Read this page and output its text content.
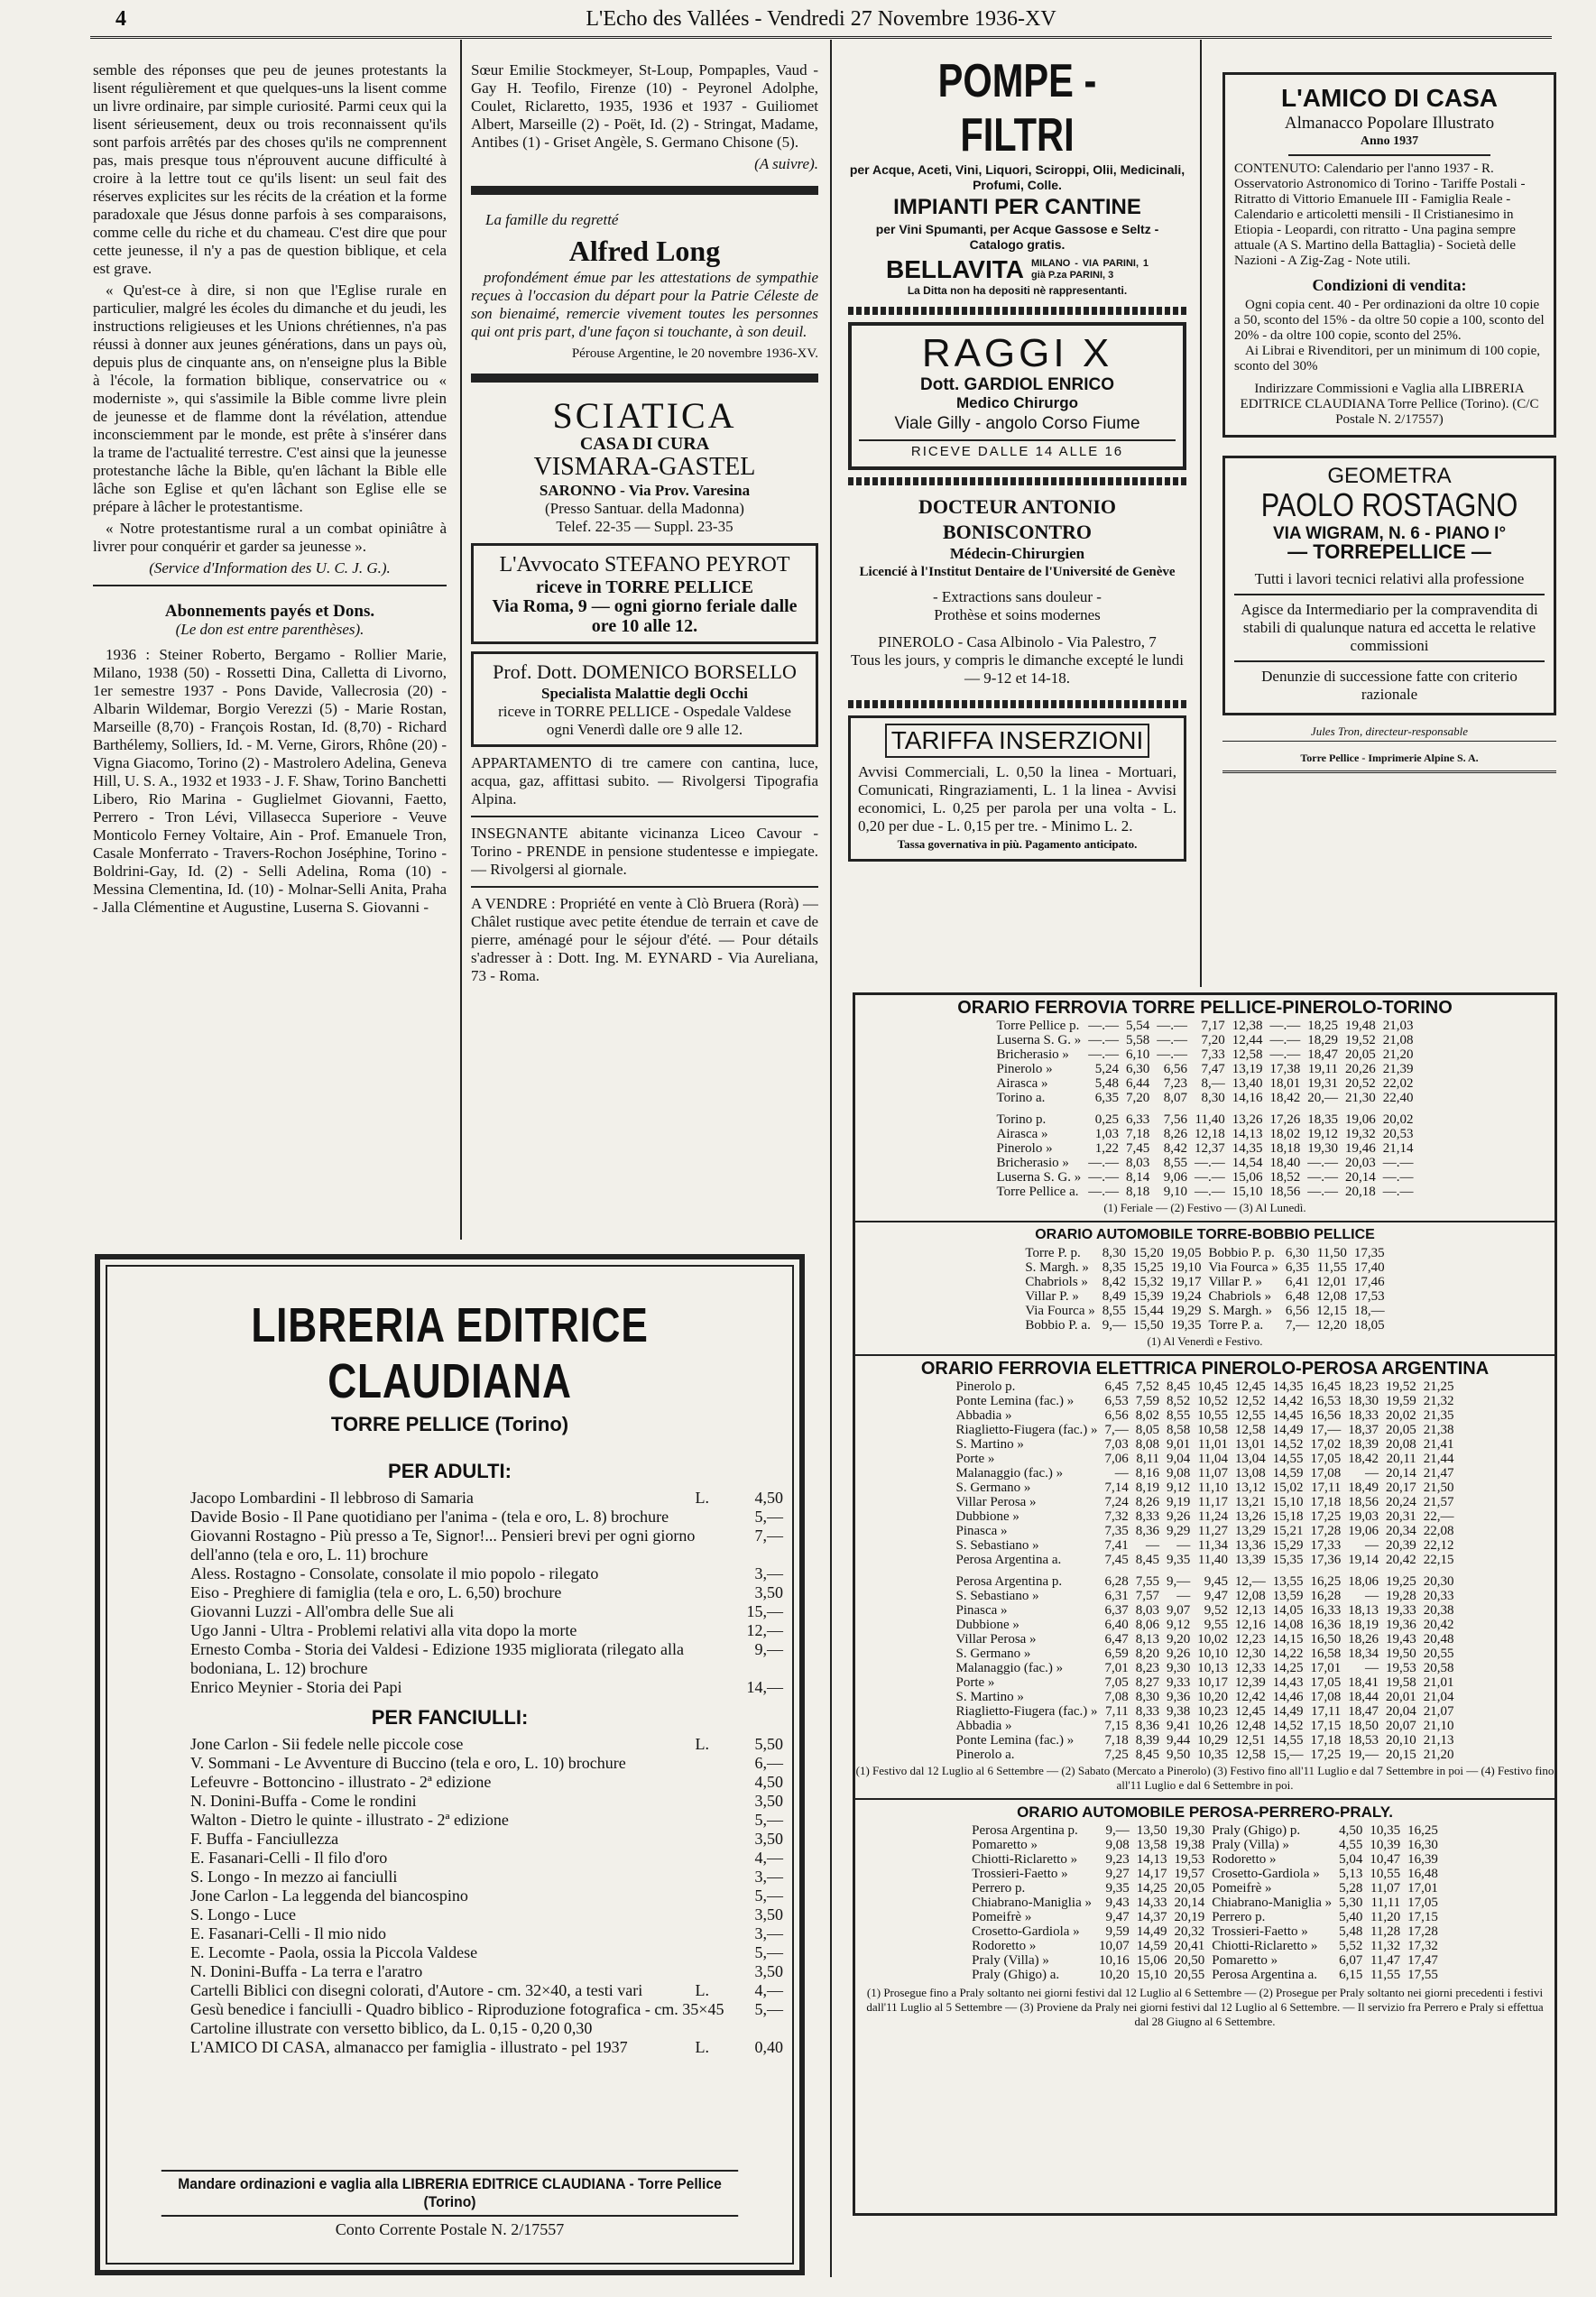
4	L'Echo des Vallées - Vendredi 27 Novembre 1936-XV

semble des réponses que peu de jeunes protestants la lisent régulièrement et que quelques-uns la lisent comme un livre ordinaire, par simple curiosité. Parmi ceux qui la lisent sérieusement, deux ou trois reconnaissent qu'ils sont parfois arrêtés par des choses qu'ils ne comprennent pas, mais presque tous n'éprouvent aucune difficulté à croire à la lettre tout ce qu'ils lisent: un seul fait des réserves explicites sur les récits de la création et la forme paradoxale que Jésus donne parfois à ses comparaisons, comme celle du riche et du chameau. C'est dire que pour cette jeunesse, il n'y a pas de question biblique, et cela est grave.

« Qu'est-ce à dire, si non que l'Eglise rurale en particulier, malgré les écoles du dimanche et du jeudi, les instructions religieuses et les Unions chrétiennes, n'a pas réussi à donner aux jeunes générations, dans un pays où, depuis plus de cinquante ans, on n'enseigne plus la Bible à l'école, la formation biblique, conservatrice ou « moderniste », qui s'assimile la Bible comme livre plein de jeunesse et de flamme dont la révélation, attendue inconsciemment par le monde, est prête à s'insérer dans la trame de l'actualité terrestre. C'est ainsi que la jeunesse protestanche lâche la Bible, qu'en lâchant la Bible elle lâche son Eglise et qu'en lâchant son Eglise elle se prépare à lâcher le protestantisme.

« Notre protestantisme rural a un combat opiniâtre à livrer pour conquérir et garder sa jeunesse ».

(Service d'Information des U. C. J. G.).

Abonnements payés et Dons.
(Le don est entre parenthèses).

1936 : Steiner Roberto, Bergamo - Rollier Marie, Milano, 1938 (50) - Rossetti Dina, Calletta di Livorno, 1er semestre 1937 - Pons Davide, Vallecrosia (20) - Albarin Wildemar, Borgio Verezzi (5) - Marie Rostan, Marseille (8,70) - François Rostan, Id. (8,70) - Richard Barthélemy, Solliers, Id. - M. Verne, Girors, Rhône (20) - Vigna Giacomo, Torino (2) - Mastrolero Adelina, Geneva Hill, U. S. A., 1932 et 1933 - J. F. Shaw, Torino Banchetti Libero, Rio Marina - Guglielmet Giovanni, Faetto, Perrero - Tron Lévi, Villasecca Superiore - Veuve Monticolo Ferney Voltaire, Ain - Prof. Emanuele Tron, Casale Monferrato - Travers-Rochon Joséphine, Torino - Boldrini-Gay, Id. (2) - Selli Adelina, Roma (10) - Messina Clementina, Id. (10) - Molnar-Selli Anita, Praha - Jalla Clémentine et Augustine, Luserna S. Giovanni -

Sœur Emilie Stockmeyer, St-Loup, Pompaples, Vaud - Gay H. Teofilo, Firenze (10) - Peyronel Adolphe, Coulet, Riclaretto, 1935, 1936 et 1937 - Guiliomet Albert, Marseille (2) - Poët, Id. (2) - Stringat, Madame, Antibes (1) - Griset Angèle, S. Germano Chisone (5).

(A suivre).

La famille du regretté

Alfred Long

profondément émue par les attestations de sympathie reçues à l'occasion du départ pour la Patrie Céleste de son bienaimé, remercie vivement toutes les personnes qui ont pris part, d'une façon si touchante, à son deuil.

Pérouse Argentine, le 20 novembre 1936-XV.

SCIATICA
CASA DI CURA
VISMARA-GASTEL
SARONNO - Via Prov. Varesina
(Presso Santuar. della Madonna)
Telef. 22-35 — Suppl. 23-35
L'Avvocato STEFANO PEYROT
riceve in TORRE PELLICE
Via Roma, 9 — ogni giorno feriale dalle ore 10 alle 12.
Prof. Dott. DOMENICO BORSELLO
Specialista Malattie degli Occhi
riceve in TORRE PELLICE - Ospedale Valdese
ogni Venerdì dalle ore 9 alle 12.

APPARTAMENTO di tre camere con cantina, luce, acqua, gaz, affittasi subito. — Rivolgersi Tipografia Alpina.

INSEGNANTE abitante vicinanza Liceo Cavour - Torino - PRENDE in pensione studentesse e impiegate. — Rivolgersi al giornale.

A VENDRE : Propriété en vente à Clò Bruera (Rorà) — Châlet rustique avec petite étendue de terrain et cave de pierre, aménagé pour le séjour d'été. — Pour détails s'adresser à : Dott. Ing. M. EYNARD - Via Aureliana, 73 - Roma.

POMPE - FILTRI
per Acque, Aceti, Vini, Liquori, Sciroppi, Olii, Medicinali, Profumi, Colle.
IMPIANTI PER CANTINE
per Vini Spumanti, per Acque Gassose e Seltz - Catalogo gratis.
BELLAVITA MILANO - VIA PARINI, 1 già P.za PARINI, 3
La Ditta non ha depositi nè rappresentanti.
RAGGI X
Dott. GARDIOL ENRICO
Medico Chirurgo
Viale Gilly - angolo Corso Fiume
RICEVE DALLE 14 ALLE 16
DOCTEUR ANTONIO BONISCONTRO
Médecin-Chirurgien
Licencié à l'Institut Dentaire de l'Université de Genève
- Extractions sans douleur -
Prothèse et soins modernes
PINEROLO - Casa Albinolo - Via Palestro, 7
Tous les jours, y compris le dimanche excepté le lundi — 9-12 et 14-18.
TARIFFA INSERZIONI
Avvisi Commerciali, L. 0,50 la linea - Mortuari, Comunicati, Ringraziamenti, L. 1 la linea - Avvisi economici, L. 0,25 per parola per una volta - L. 0,20 per due - L. 0,15 per tre. - Minimo L. 2.
Tassa governativa in più. Pagamento anticipato.
L'AMICO DI CASA
Almanacco Popolare Illustrato
Anno 1937
CONTENUTO: Calendario per l'anno 1937 - R. Osservatorio Astronomico di Torino - Tariffe Postali - Ritratto di Vittorio Emanuele III - Famiglia Reale - Calendario e articoletti mensili - Il Cristianesimo in Etiopia - Leopardi, con ritratto - Una pagina sempre attuale (A S. Martino della Battaglia) - Società delle Nazioni - A Zig-Zag - Note utili.
Condizioni di vendita:
Ogni copia cent. 40 - Per ordinazioni da oltre 10 copie a 50, sconto del 15% - da oltre 50 copie a 100, sconto del 20% - da oltre 100 copie, sconto del 25%.
Ai Librai e Rivenditori, per un minimum di 100 copie, sconto del 30%
Indirizzare Commissioni e Vaglia alla LIBRERIA EDITRICE CLAUDIANA Torre Pellice (Torino). (C/C Postale N. 2/17557)
GEOMETRA
PAOLO ROSTAGNO
VIA WIGRAM, N. 6 - PIANO I°
— TORREPELLICE —
Tutti i lavori tecnici relativi alla professione
Agisce da Intermediario per la compravendita di stabili di qualunque natura ed accetta le relative commissioni
Denunzie di successione fatte con criterio razionale
Jules Tron, directeur-responsable
Torre Pellice - Imprimerie Alpine S. A.
LIBRERIA EDITRICE CLAUDIANA
TORRE PELLICE (Torino)
PER ADULTI:
Jacopo Lombardini - Il lebbroso di Samaria	L.	4,50
Davide Bosio - Il Pane quotidiano per l'anima - (tela e oro, L. 8) brochure	5,—
Giovanni Rostagno - Più presso a Te, Signor!... Pensieri brevi per ogni giorno dell'anno (tela e oro, L. 11) brochure
7,—
Aless. Rostagno - Consolate, consolate il mio popolo - rilegato	3,—
Eiso - Preghiere di famiglia (tela e oro, L. 6,50) brochure	3,50
Giovanni Luzzi - All'ombra delle Sue ali	15,—
Ugo Janni - Ultra - Problemi relativi alla vita dopo la morte	12,—
Ernesto Comba - Storia dei Valdesi - Edizione 1935 migliorata (rilegato alla bodoniana, L. 12) brochure
9,—
Enrico Meynier - Storia dei Papi	14,—
PER FANCIULLI:
Jone Carlon - Sii fedele nelle piccole cose	L.	5,50
V. Sommani - Le Avventure di Buccino (tela e oro, L. 10) brochure	6,—
Lefeuvre - Bottoncino - illustrato - 2ª edizione	4,50
N. Donini-Buffa - Come le rondini	3,50
Walton - Dietro le quinte - illustrato - 2ª edizione	5,—
F. Buffa - Fanciullezza	3,50
E. Fasanari-Celli - Il filo d'oro	4,—
S. Longo - In mezzo ai fanciulli	3,—
Jone Carlon - La leggenda del biancospino	5,—
S. Longo - Luce	3,50
E. Fasanari-Celli - Il mio nido	3,—
E. Lecomte - Paola, ossia la Piccola Valdese	5,—
N. Donini-Buffa - La terra e l'aratro	3,50
Cartelli Biblici con disegni colorati, d'Autore - cm. 32×40, a testi vari	L.	4,—
Gesù benedice i fanciulli - Quadro biblico - Riproduzione fotografica - cm. 35×45 5,—
Cartoline illustrate con versetto biblico, da L. 0,15 - 0,20 0,30
L'AMICO DI CASA, almanacco per famiglia - illustrato - pel 1937	L.	0,40
Mandare ordinazioni e vaglia alla LIBRERIA EDITRICE CLAUDIANA - Torre Pellice (Torino)
Conto Corrente Postale N. 2/17557
ORARIO FERROVIA TORRE PELLICE-PINEROLO-TORINO
Torre Pellice p.	—.—	5,54	—.—	7,17	12,38	—.—	18,25	19,48	21,03
Luserna S. G. »	—.—	5,58	—.—	7,20	12,44	—.—	18,29	19,52	21,08
Bricherasio »	—.—	6,10	—.—	7,33	12,58	—.—	18,47	20,05	21,20
Pinerolo »	5,24	6,30	6,56	7,47	13,19	17,38	19,11	20,26	21,39
Airasca »	5,48	6,44	7,23	8,—	13,40	18,01	19,31	20,52	22,02
Torino a.	6,35	7,20	8,07	8,30	14,16	18,42	20,—	21,30	22,40

Torino p.	0,25	6,33	7,56	11,40	13,26	17,26	18,35	19,06	20,02
Airasca »	1,03	7,18	8,26	12,18	14,13	18,02	19,12	19,32	20,53
Pinerolo »	1,22	7,45	8,42	12,37	14,35	18,18	19,30	19,46	21,14
Bricherasio »	—.—	8,03	8,55	—.—	14,54	18,40	—.—	20,03	—.—
Luserna S. G. »	—.—	8,14	9,06	—.—	15,06	18,52	—.—	20,14	—.—
Torre Pellice a.	—.—	8,18	9,10	—.—	15,10	18,56	—.—	20,18	—.—
(1) Feriale — (2) Festivo — (3) Al Lunedì.
ORARIO AUTOMOBILE TORRE-BOBBIO PELLICE
Torre P. p.	8,30	15,20	19,05	Bobbio P. p.	6,30	11,50	17,35
S. Margh. »	8,35	15,25	19,10	Via Fourca »	6,35	11,55	17,40
Chabriols »	8,42	15,32	19,17	Villar P. »	6,41	12,01	17,46
Villar P. »	8,49	15,39	19,24	Chabriols »	6,48	12,08	17,53
Via Fourca »	8,55	15,44	19,29	S. Margh. »	6,56	12,15	18,—
Bobbio P. a.	9,—	15,50	19,35	Torre P. a.	7,—	12,20	18,05
(1) Al Venerdì e Festivo.
ORARIO FERROVIA ELETTRICA PINEROLO-PEROSA ARGENTINA
Pinerolo p.	6,45	7,52	8,45	10,45	12,45	14,35	16,45	18,23	19,52	21,25
Ponte Lemina (fac.) »	6,53	7,59	8,52	10,52	12,52	14,42	16,53	18,30	19,59	21,32
Abbadia »	6,56	8,02	8,55	10,55	12,55	14,45	16,56	18,33	20,02	21,35
Riaglietto-Fiugera (fac.) »	7,—	8,05	8,58	10,58	12,58	14,49	17,—	18,37	20,05	21,38
S. Martino »	7,03	8,08	9,01	11,01	13,01	14,52	17,02	18,39	20,08	21,41
Porte »	7,06	8,11	9,04	11,04	13,04	14,55	17,05	18,42	20,11	21,44
Malanaggio (fac.) »	—	8,16	9,08	11,07	13,08	14,59	17,08	—	20,14	21,47
S. Germano »	7,14	8,19	9,12	11,10	13,12	15,02	17,11	18,49	20,17	21,50
Villar Perosa »	7,24	8,26	9,19	11,17	13,21	15,10	17,18	18,56	20,24	21,57
Dubbione »	7,32	8,33	9,26	11,24	13,26	15,18	17,25	19,03	20,31	22,—
Pinasca »	7,35	8,36	9,29	11,27	13,29	15,21	17,28	19,06	20,34	22,08
S. Sebastiano »	7,41	—	—	11,34	13,36	15,29	17,33	—	20,39	22,12
Perosa Argentina a.	7,45	8,45	9,35	11,40	13,39	15,35	17,36	19,14	20,42	22,15

Perosa Argentina p.	6,28	7,55	9,—	9,45	12,—	13,55	16,25	18,06	19,25	20,30
S. Sebastiano »	6,31	7,57	—	9,47	12,08	13,59	16,28	—	19,28	20,33
Pinasca »	6,37	8,03	9,07	9,52	12,13	14,05	16,33	18,13	19,33	20,38
Dubbione »	6,40	8,06	9,12	9,55	12,16	14,08	16,36	18,19	19,36	20,42
Villar Perosa »	6,47	8,13	9,20	10,02	12,23	14,15	16,50	18,26	19,43	20,48
S. Germano »	6,59	8,20	9,26	10,10	12,30	14,22	16,58	18,34	19,50	20,55
Malanaggio (fac.) »	7,01	8,23	9,30	10,13	12,33	14,25	17,01	—	19,53	20,58
Porte »	7,05	8,27	9,33	10,17	12,39	14,43	17,05	18,41	19,58	21,01
S. Martino »	7,08	8,30	9,36	10,20	12,42	14,46	17,08	18,44	20,01	21,04
Riaglietto-Fiugera (fac.) »	7,11	8,33	9,38	10,23	12,45	14,49	17,11	18,47	20,04	21,07
Abbadia »	7,15	8,36	9,41	10,26	12,48	14,52	17,15	18,50	20,07	21,10
Ponte Lemina (fac.) »	7,18	8,39	9,44	10,29	12,51	14,55	17,18	18,53	20,10	21,13
Pinerolo a.	7,25	8,45	9,50	10,35	12,58	15,—	17,25	19,—	20,15	21,20
(1) Festivo dal 12 Luglio al 6 Settembre — (2) Sabato (Mercato a Pinerolo) (3) Festivo fino all'11 Luglio e dal 7 Settembre in poi — (4) Festivo fino all'11 Luglio e dal 6 Settembre in poi.
ORARIO AUTOMOBILE PEROSA-PERRERO-PRALY.
Perosa Argentina p.	9,—	13,50	19,30	Praly (Ghigo) p.	4,50	10,35	16,25
Pomaretto »	9,08	13,58	19,38	Praly (Villa) »	4,55	10,39	16,30
Chiotti-Riclaretto »	9,23	14,13	19,53	Rodoretto »	5,04	10,47	16,39
Trossieri-Faetto »	9,27	14,17	19,57	Crosetto-Gardiola »	5,13	10,55	16,48
Perrero p.	9,35	14,25	20,05	Pomeifrè »	5,28	11,07	17,01
Chiabrano-Maniglia »	9,43	14,33	20,14	Chiabrano-Maniglia »	5,30	11,11	17,05
Pomeifrè »	9,47	14,37	20,19	Perrero p.	5,40	11,20	17,15
Crosetto-Gardiola »	9,59	14,49	20,32	Trossieri-Faetto »	5,48	11,28	17,28
Rodoretto »	10,07	14,59	20,41	Chiotti-Riclaretto »	5,52	11,32	17,32
Praly (Villa) »	10,16	15,06	20,50	Pomaretto »	6,07	11,47	17,47
Praly (Ghigo) a.	10,20	15,10	20,55	Perosa Argentina a.	6,15	11,55	17,55
(1) Prosegue fino a Praly soltanto nei giorni festivi dal 12 Luglio al 6 Settembre — (2) Prosegue per Praly soltanto nei giorni precedenti i festivi dall'11 Luglio al 5 Settembre — (3) Proviene da Praly nei giorni festivi dal 12 Luglio al 6 Settembre. — Il servizio fra Perrero e Praly si effettua dal 28 Giugno al 6 Settembre.
